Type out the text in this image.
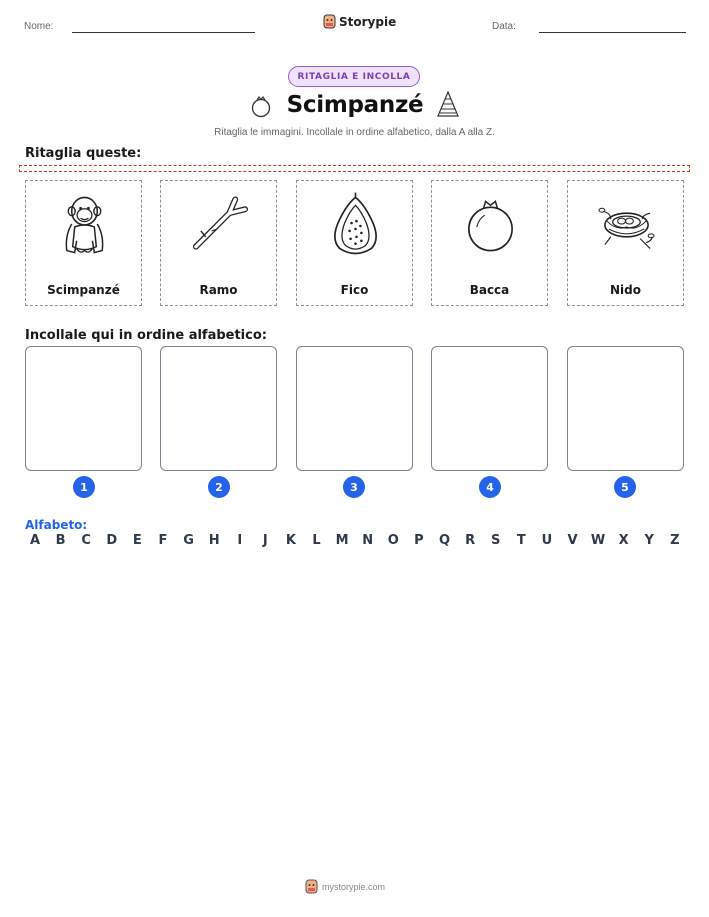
Nome:	Storypie	Data:
RITAGLIA E INCOLLA
Scimpanzé
Ritaglia le immagini. Incollale in ordine alfabetico, dalla A alla Z.
Ritaglia queste:
Scimpanzé	Ramo	Fico	Bacca	Nido
Incollale qui in ordine alfabetico:
1	2	3	4	5
Alfabeto:
A	B	C	D	E	F	G	H	I	J	K	L	M	N	O	P	Q	R	S	T	U	V	W	X	Y	Z
mystorypie.com
